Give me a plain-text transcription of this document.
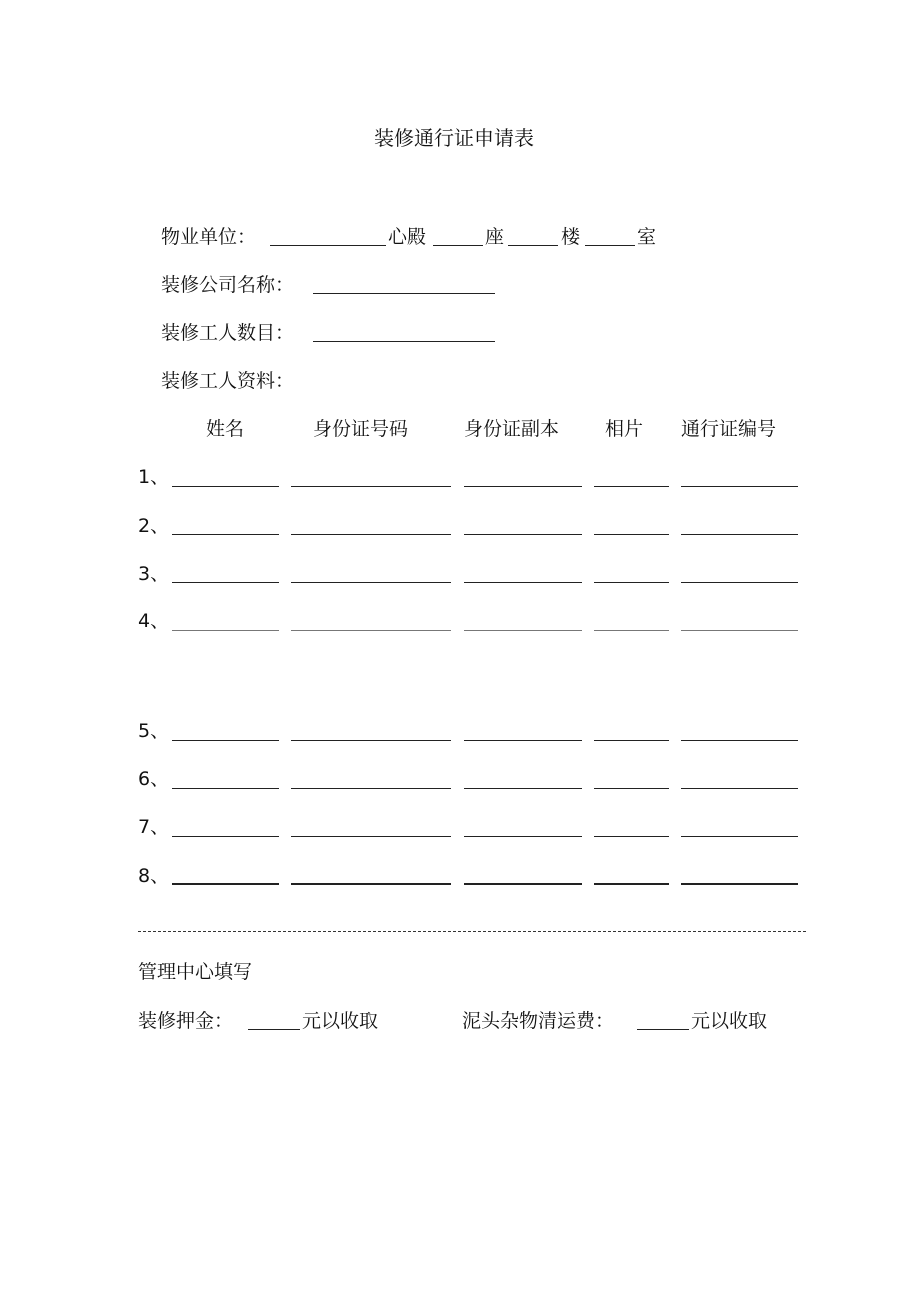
装修通行证申请表
物业单位：	心殿	座	楼	室
装修公司名称：
装修工人数目：
装修工人资料：
姓名	身份证号码	身份证副本 相片 通行证编号
1、
2、
3、
4、
5、
6、
7、
8、
管理中心填写
装修押金：	元以收取	泥头杂物清运费：	元以收取
